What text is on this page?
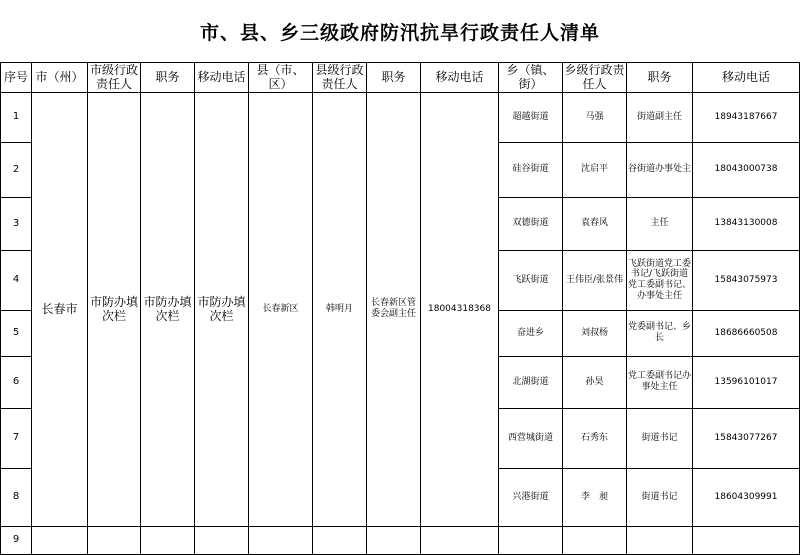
市、县、乡三级政府防汛抗旱行政责任人清单
序号	市（州）	市级行政责任人	职务	移动电话	县（市、区）	县级行政责任人	职务	移动电话	乡（镇、街）	乡级行政责任人	职务	移动电话
1	长春市	市防办填次栏	市防办填次栏	市防办填次栏	长春新区	韩明月	长春新区管委会副主任	18004318368	超越街道	马强	街道副主任	18943187667
2									硅谷街道	沈启平	谷街道办事处主	18043000738
3									双德街道	袁春风	主任	13843130008
4									飞跃街道	王伟臣/张景伟	飞跃街道党工委书记/飞跃街道党工委副书记、办事处主任	15843075973
5									奋进乡	刘叔杨	党委副书记、乡长	18686660508
6									北湖街道	孙昊	党工委副书记办事处主任	13596101017
7									西营城街道	石秀东	街道书记	15843077267
8									兴港街道	李　昶	街道书记	18604309991
9												
